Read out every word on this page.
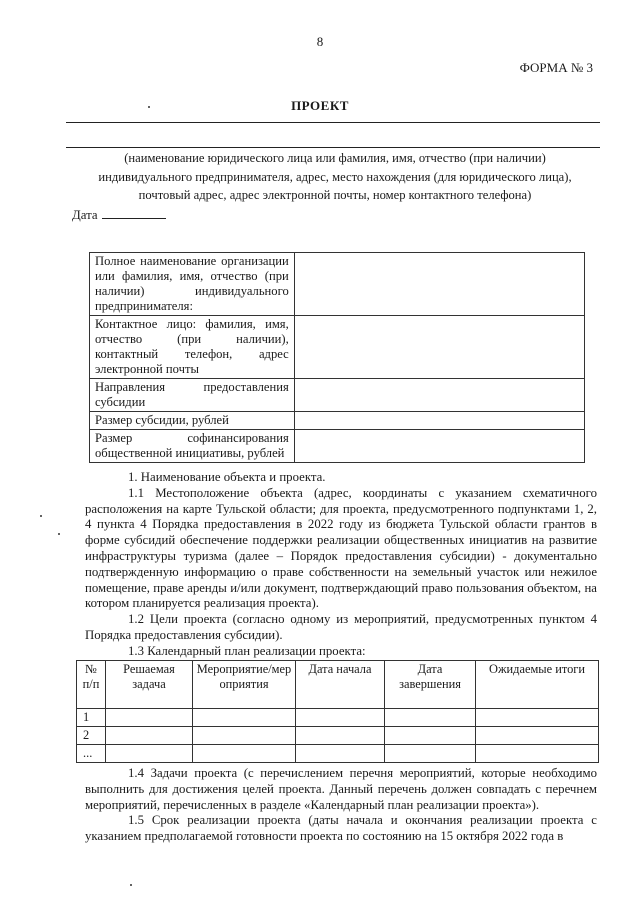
8
ФОРМА № 3
ПРОЕКТ
(наименование юридического лица или фамилия, имя, отчество (при наличии)
индивидуального предпринимателя, адрес, место нахождения (для юридического лица),
почтовый адрес, адрес электронной почты, номер контактного телефона)
Дата
Полное наименование организации или фамилия, имя, отчество (при наличии) индивидуального предпринимателя:	
Контактное лицо: фамилия, имя, отчество (при наличии), контактный телефон, адрес электронной почты	
Направления предоставления субсидии	
Размер субсидии, рублей	
Размер софинансирования общественной инициативы, рублей	

1. Наименование объекта и проекта.

1.1 Местоположение объекта (адрес, координаты с указанием схематичного расположения на карте Тульской области; для проекта, предусмотренного подпунктами 1, 2, 4 пункта 4 Порядка предоставления в 2022 году из бюджета Тульской области грантов в форме субсидий обеспечение поддержки реализации общественных инициатив на развитие инфраструктуры туризма (далее – Порядок предоставления субсидии) - документально подтвержденную информацию о праве собственности на земельный участок или нежилое помещение, праве аренды и/или документ, подтверждающий право пользования объектом, на котором планируется реализация проекта).

1.2 Цели проекта (согласно одному из мероприятий, предусмотренных пунктом 4 Порядка предоставления субсидии).

1.3 Календарный план реализации проекта:

№ п/п	Решаемая задача	Мероприятие/мероприятия	Дата начала	Дата завершения	Ожидаемые итоги
1					
2					
...					

1.4 Задачи проекта (с перечислением перечня мероприятий, которые необходимо выполнить для достижения целей проекта. Данный перечень должен совпадать с перечнем мероприятий, перечисленных в разделе «Календарный план реализации проекта»).

1.5 Срок реализации проекта (даты начала и окончания реализации проекта с указанием предполагаемой готовности проекта по состоянию на 15 октября 2022 года в
